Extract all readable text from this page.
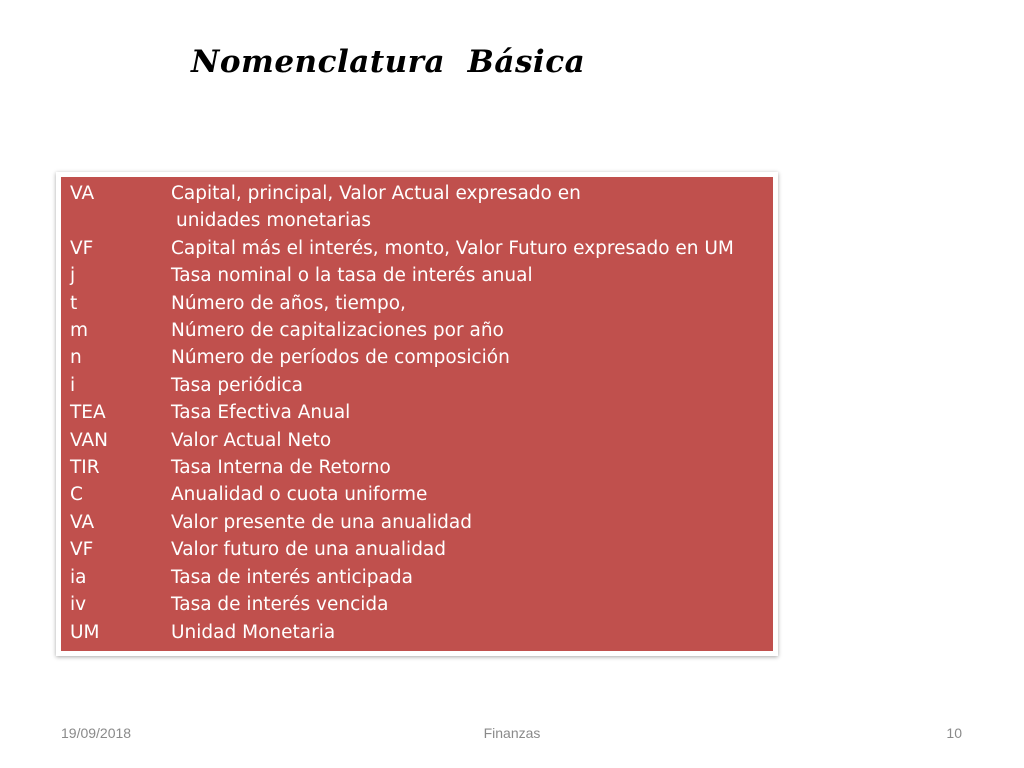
Nomenclatura  Básica
VA	Capital, principal, Valor Actual expresado en
unidades monetarias
VF	Capital más el interés, monto, Valor Futuro expresado en UM
j	Tasa nominal o la tasa de interés anual
t	Número de años, tiempo,
m	Número de capitalizaciones por año
n	Número de períodos de composición
i	Tasa periódica
TEA	Tasa Efectiva Anual
VAN	Valor Actual Neto
TIR	Tasa Interna de Retorno
C	Anualidad o cuota uniforme
VA	Valor presente de una anualidad
VF	Valor futuro de una anualidad
ia	Tasa de interés anticipada
iv	Tasa de interés vencida
UM	Unidad Monetaria
19/09/2018	Finanzas	10
